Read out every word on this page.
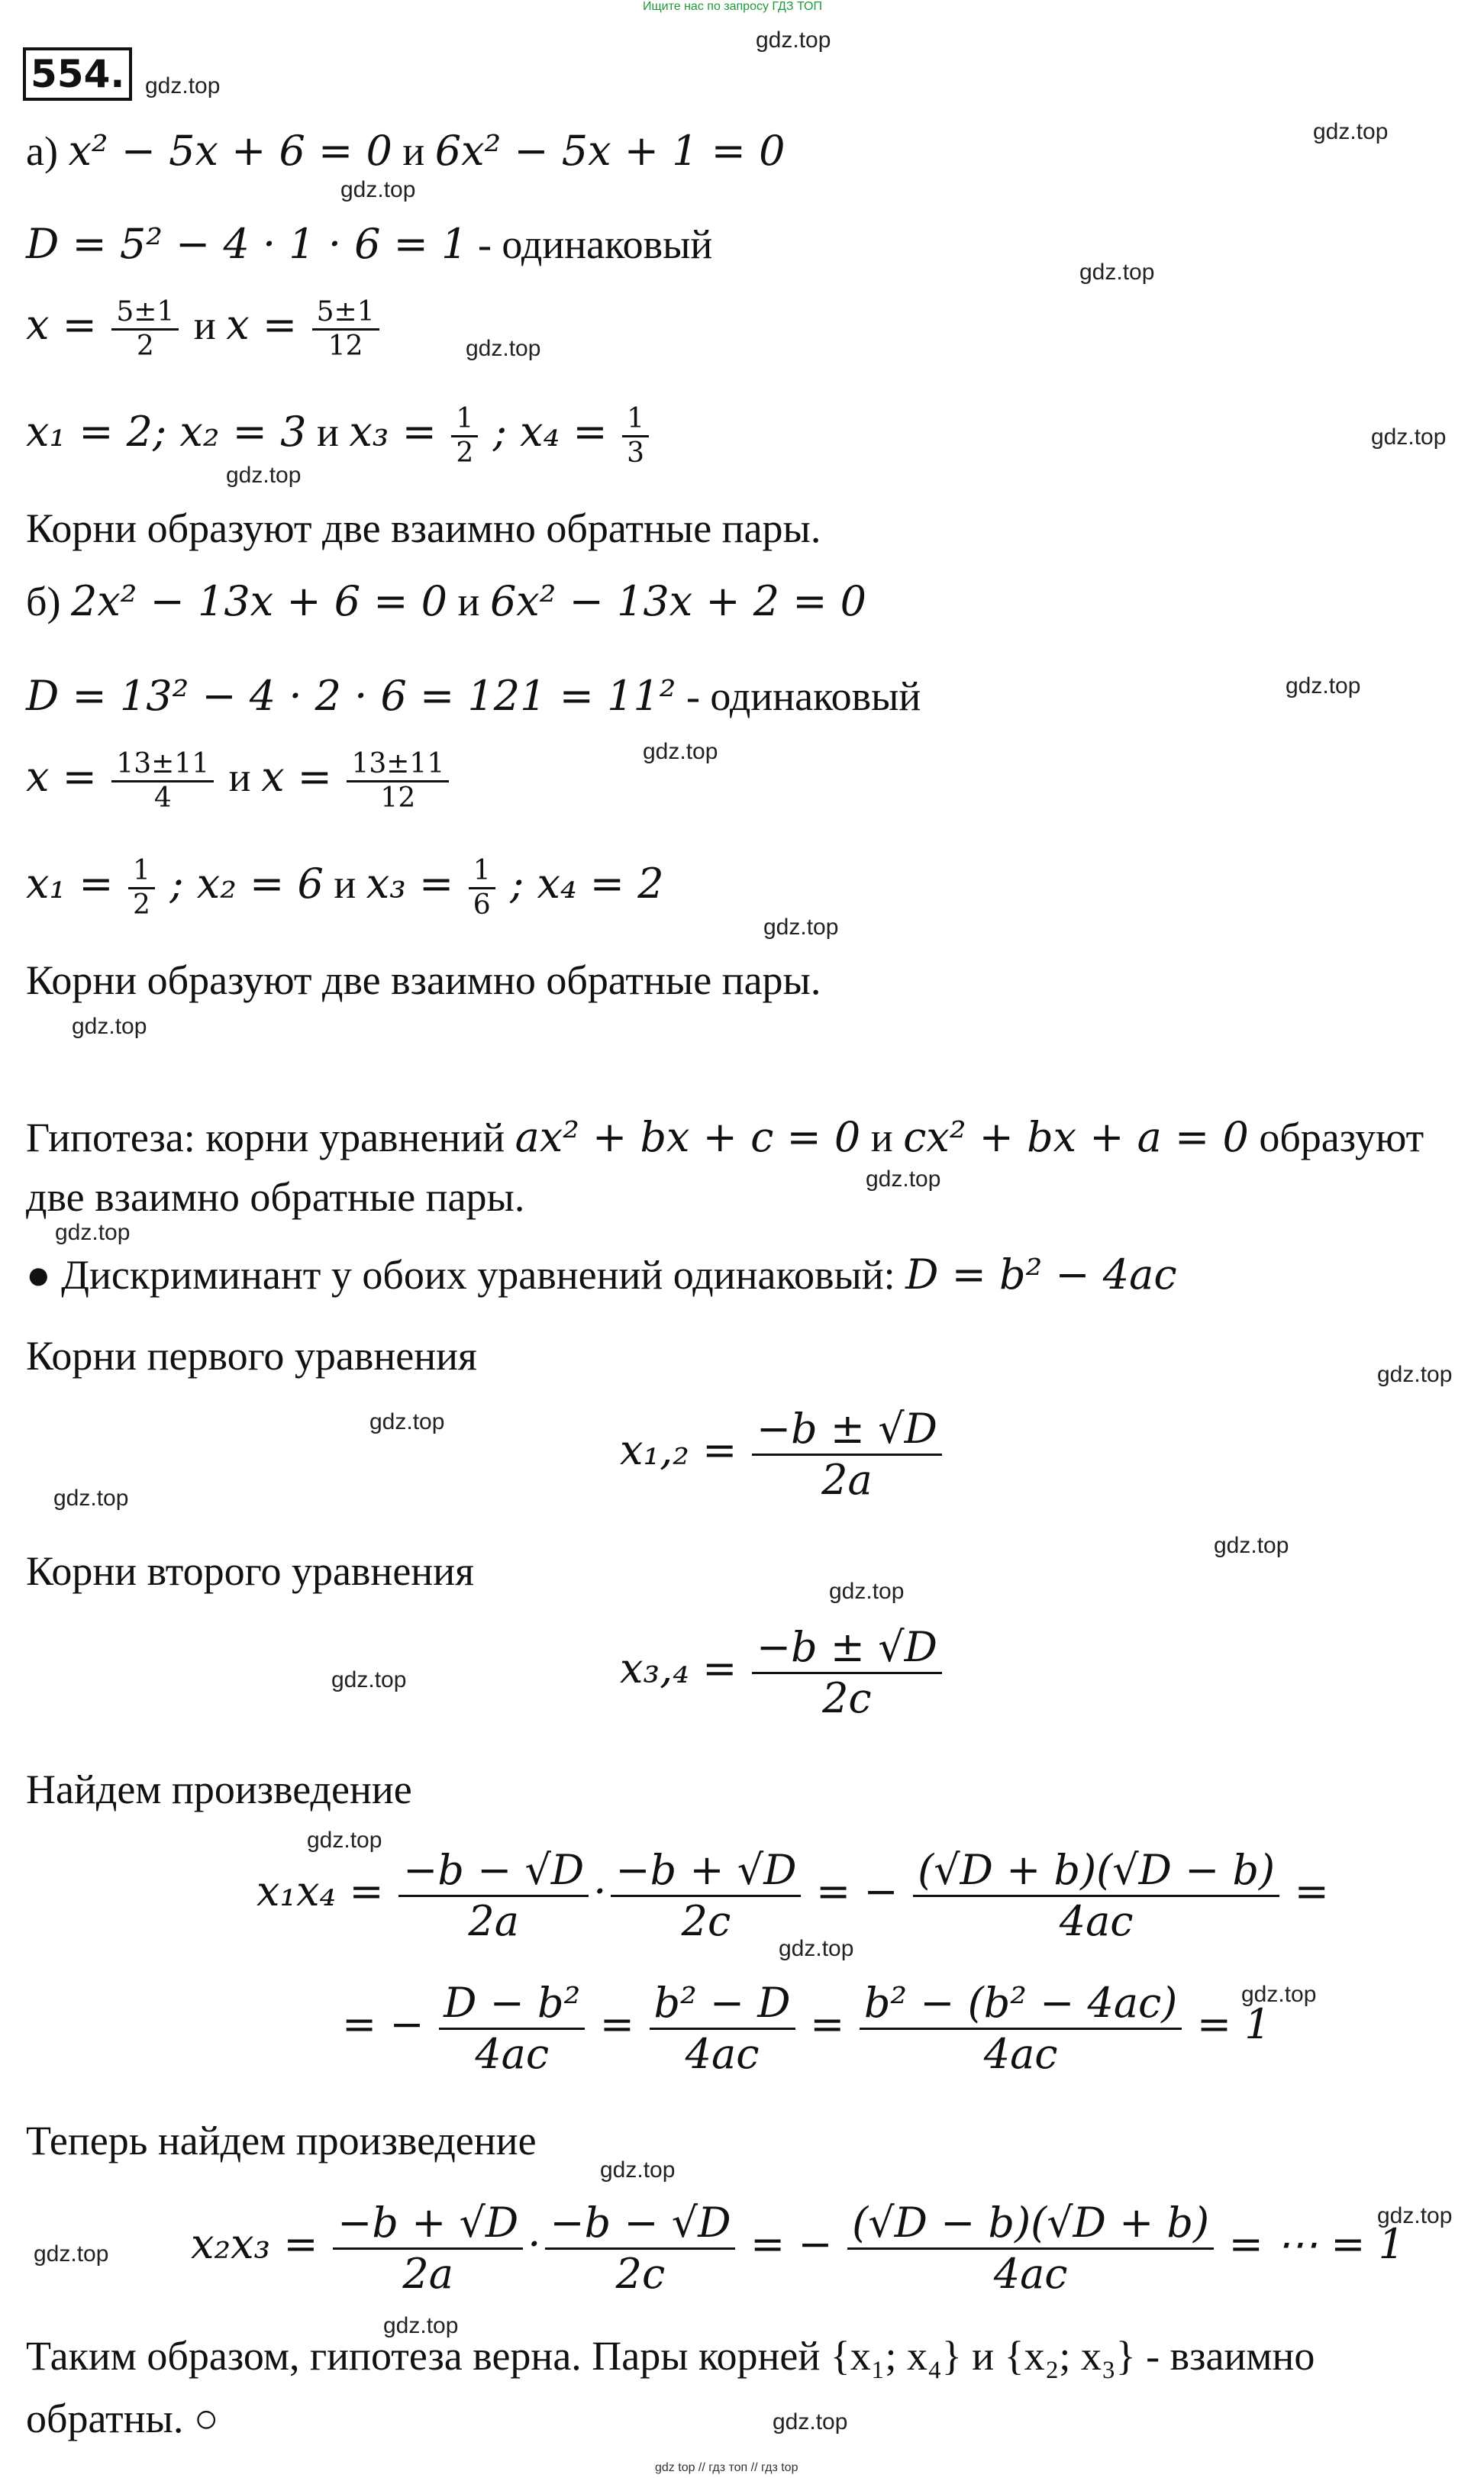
Ищите нас по запросу ГДЗ ТОП
554.
а) x² − 5x + 6 = 0 и 6x² − 5x + 1 = 0
D = 5² − 4 · 1 · 6 = 1 - одинаковый
$x = \frac{5\pm 1}{2}$ и $x = \frac{5\pm 1}{12}$
x₁ = 2; x₂ = 3 и $x_3 = \frac{1}{2}$ ; $x_4 = \frac{1}{3}$
Корни образуют две взаимно обратные пары.
б) 2x² − 13x + 6 = 0 и 6x² − 13x + 2 = 0
D = 13² − 4 · 2 · 6 = 121 = 11² - одинаковый
$x = \frac{13\pm 11}{4}$ и $x = \frac{13\pm 11}{12}$
$x_1 = \frac{1}{2}$ ; x₂ = 6 и $x_3 = \frac{1}{6}$ ; x₄ = 2
Корни образуют две взаимно обратные пары.
Гипотеза: корни уравнений ax² + bx + c = 0 и cx² + bx + a = 0 образуют
две взаимно обратные пары.
● Дискриминант у обоих уравнений одинаковый: D = b² − 4ac
Корни первого уравнения
$x_1,_2 = \frac{-b \pm √D}{2a}$
Корни второго уравнения
$x_3,_4 = \frac{-b \pm √D}{2c}$
Найдем произведение
$x_1x_4 = \frac{-b - √D}{2a} \cdot \frac{-b + √D}{2c}$ = − $\frac{(√D + b)(√D - b)}{4ac}$ =
= − $\frac{\text{D − b²}}{4ac} = \frac{\text{b² − D}}{4ac} = \frac{\text{b² − (b² − 4ac)}}{4ac} = 1$
Теперь найдем произведение
$x_2x_3 = \frac{-b + √D}{2a} \cdot \frac{-b - √D}{2c}$ = − $\frac{(√D - b)(√D + b)}{4ac}$ = ⋯ = 1
Таким образом, гипотеза верна. Пары корней {x₁; x₄} и {x₂; x₃} - взаимно
обратны. ○
gdz.top
gdz.top
gdz.top
gdz.top
gdz.top
gdz.top
gdz.top
gdz.top
gdz.top
gdz.top
gdz.top
gdz.top
gdz.top
gdz.top
gdz.top
gdz.top
gdz.top
gdz.top
gdz.top
gdz.top
gdz.top
gdz.top
gdz.top
gdz.top
gdz.top
gdz.top
gdz.top
gdz.top
gdz top // гдз топ // гдз top
